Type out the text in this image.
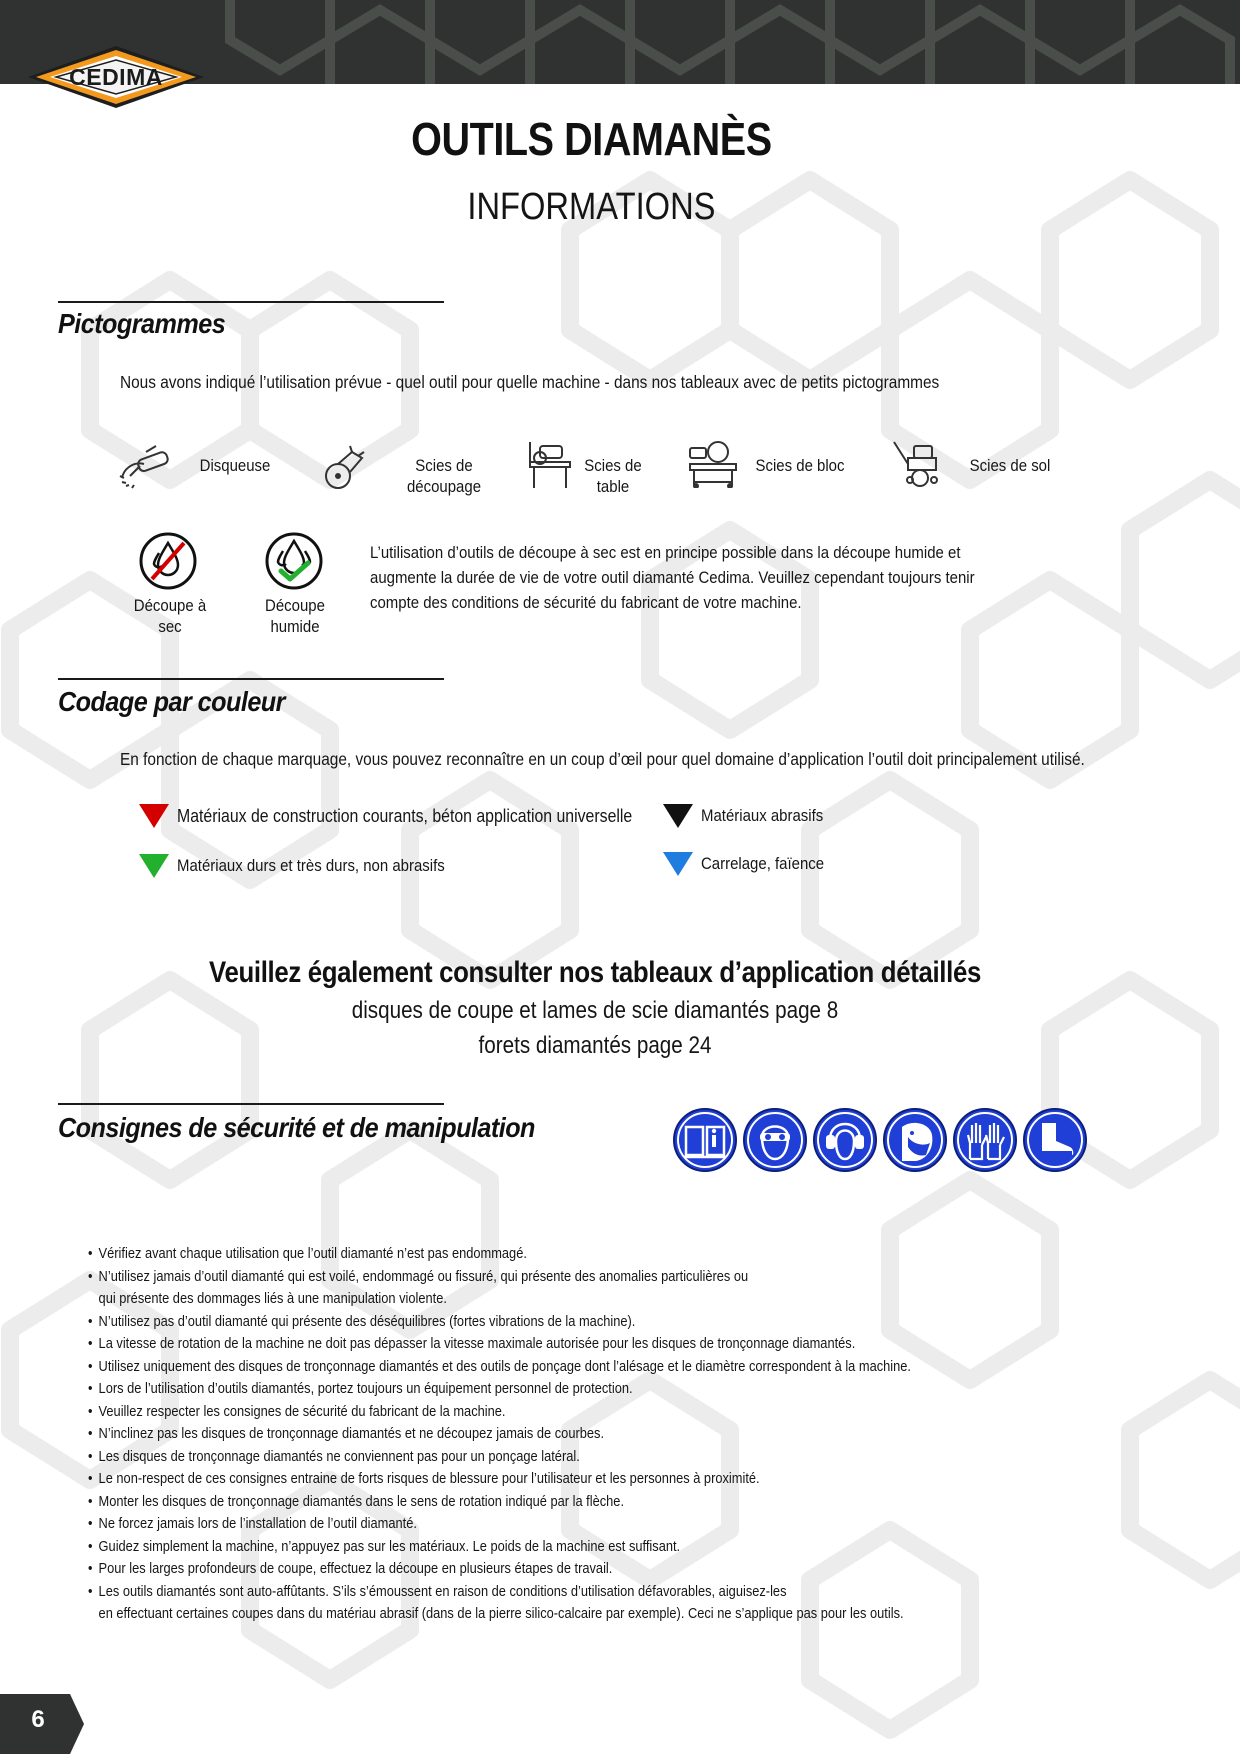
CEDIMA
OUTILS DIAMANÈS
INFORMATIONS
Pictogrammes
Nous avons indiqué l’utilisation prévue - quel outil pour quelle machine - dans nos tableaux avec de petits pictogrammes
Disqueuse	Scies de
découpage
Scies de
table
Scies de bloc	Scies de sol
Découpe à sec
Découpe
humide
L’utilisation d’outils de découpe à sec est en principe possible dans la découpe humide et augmente la durée de vie de votre outil diamanté Cedima. Veuillez cependant toujours tenir compte des conditions de sécurité du fabricant de votre machine.
Codage par couleur
En fonction de chaque marquage, vous pouvez reconnaître en un coup d’œil pour quel domaine d’application l’outil doit principalement utilisé.
Matériaux de construction courants, béton application universelle	Matériaux abrasifs
Matériaux durs et très durs, non abrasifs	Carrelage, faïence
Veuillez également consulter nos tableaux d’application détaillés
disques de coupe et lames de scie diamantés page 8
forets diamantés page 24
Consignes de sécurité et de manipulation
• Vérifiez avant chaque utilisation que l’outil diamanté n’est pas endommagé.
• N’utilisez jamais d’outil diamanté qui est voilé, endommagé ou fissuré, qui présente des anomalies particulières ou
qui présente des dommages liés à une manipulation violente.
• N’utilisez pas d’outil diamanté qui présente des déséquilibres (fortes vibrations de la machine).
• La vitesse de rotation de la machine ne doit pas dépasser la vitesse maximale autorisée pour les disques de tronçonnage diamantés.
• Utilisez uniquement des disques de tronçonnage diamantés et des outils de ponçage dont l’alésage et le diamètre correspondent à la machine.
• Lors de l’utilisation d’outils diamantés, portez toujours un équipement personnel de protection.
• Veuillez respecter les consignes de sécurité du fabricant de la machine.
• N’inclinez pas les disques de tronçonnage diamantés et ne découpez jamais de courbes.
• Les disques de tronçonnage diamantés ne conviennent pas pour un ponçage latéral.
• Le non-respect de ces consignes entraine de forts risques de blessure pour l’utilisateur et les personnes à proximité.
• Monter les disques de tronçonnage diamantés dans le sens de rotation indiqué par la flèche.
• Ne forcez jamais lors de l’installation de l’outil diamanté.
• Guidez simplement la machine, n’appuyez pas sur les matériaux. Le poids de la machine est suffisant.
• Pour les larges profondeurs de coupe, effectuez la découpe en plusieurs étapes de travail.
• Les outils diamantés sont auto-affûtants. S’ils s’émoussent en raison de conditions d’utilisation défavorables, aiguisez-les
en effectuant certaines coupes dans du matériau abrasif (dans de la pierre silico-calcaire par exemple). Ceci ne s’applique pas pour les outils.
6
